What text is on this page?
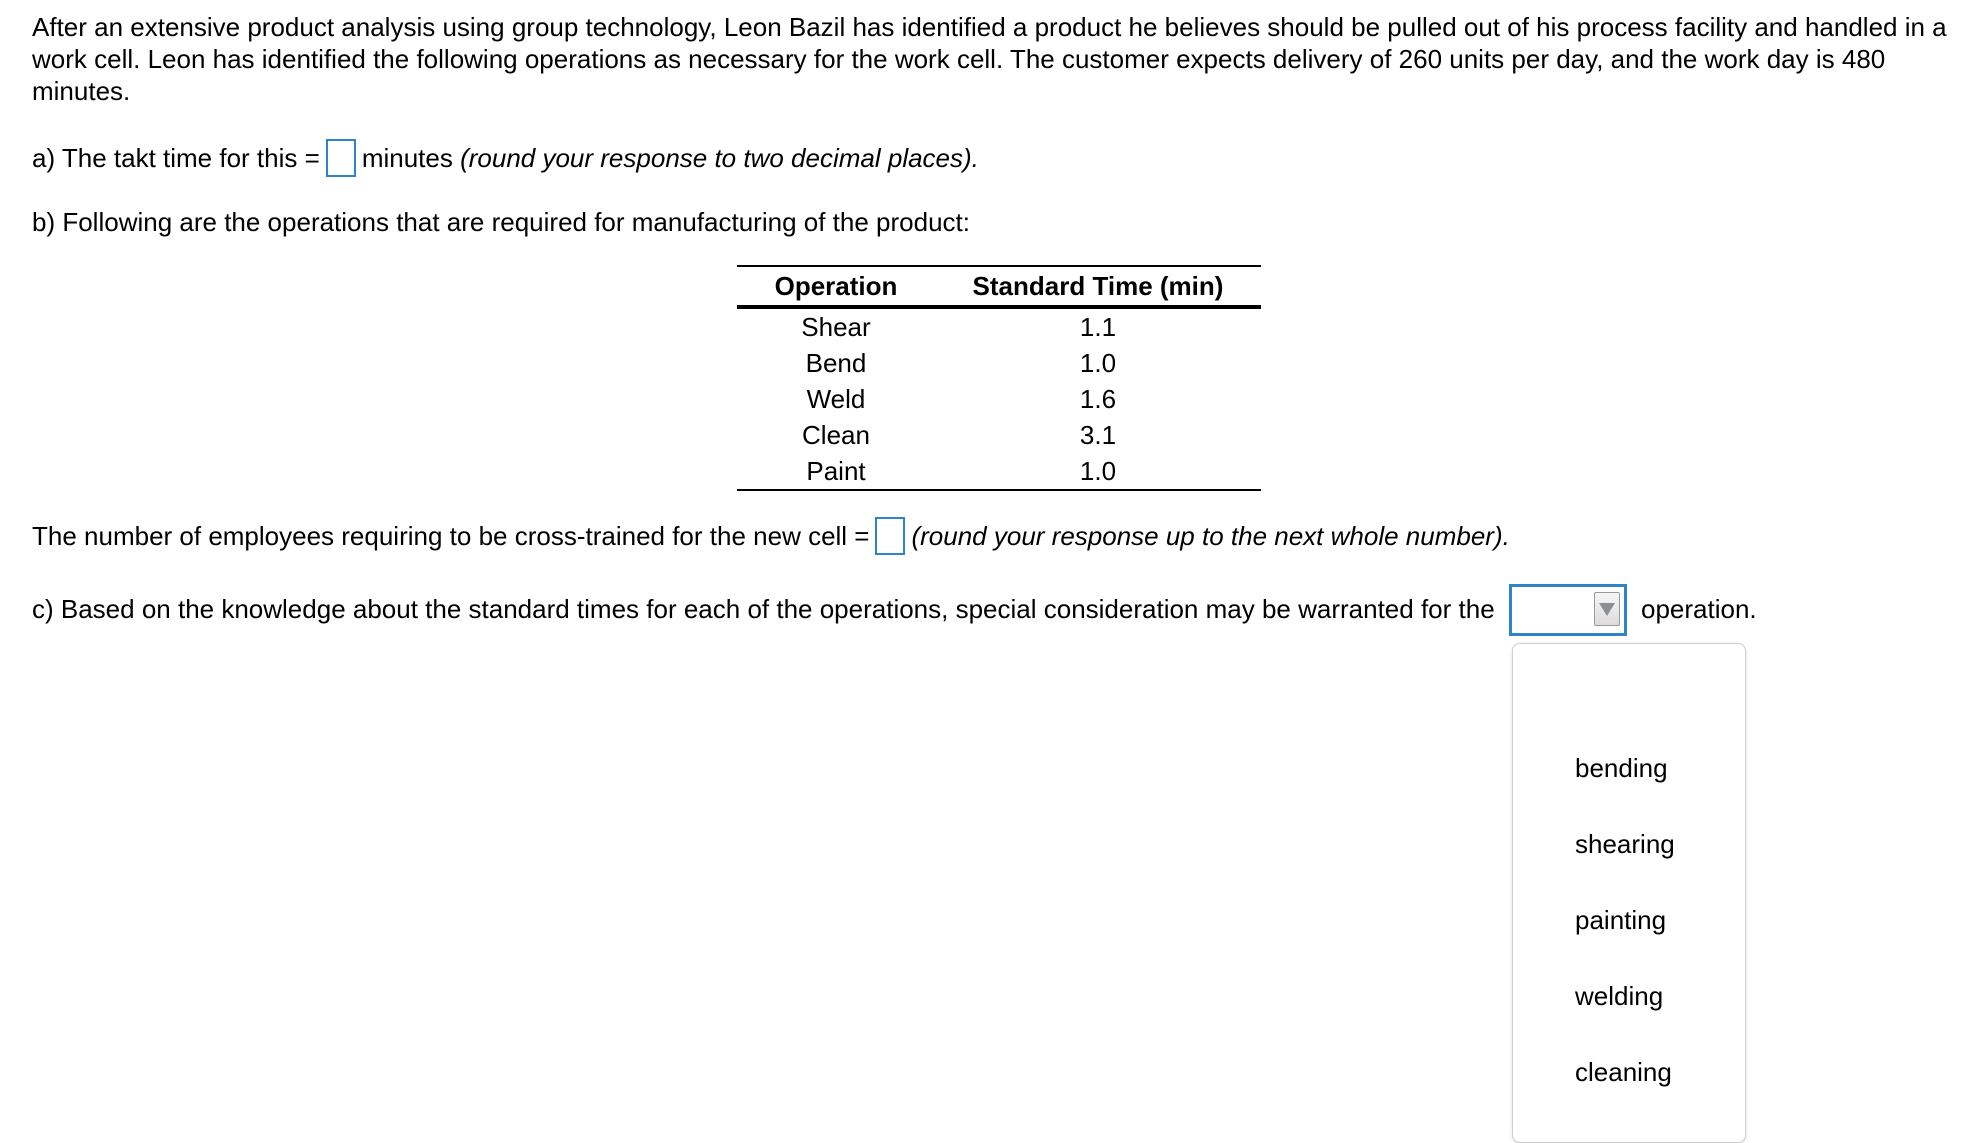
After an extensive product analysis using group technology, Leon Bazil has identified a product he believes should be pulled out of his process facility and handled in a work cell. Leon has identified the following operations as necessary for the work cell. The customer expects delivery of 260 units per day, and the work day is 480 minutes.

a) The takt time for this = minutes (round your response to two decimal places).
b) Following are the operations that are required for manufacturing of the product:
Operation	Standard Time (min)
Shear	1.1
Bend	1.0
Weld	1.6
Clean	3.1
Paint	1.0
The number of employees requiring to be cross-trained for the new cell = (round your response up to the next whole number).
c) Based on the knowledge about the standard times for each of the operations, special consideration may be warranted for the	operation.
bending
shearing
painting
welding
cleaning
